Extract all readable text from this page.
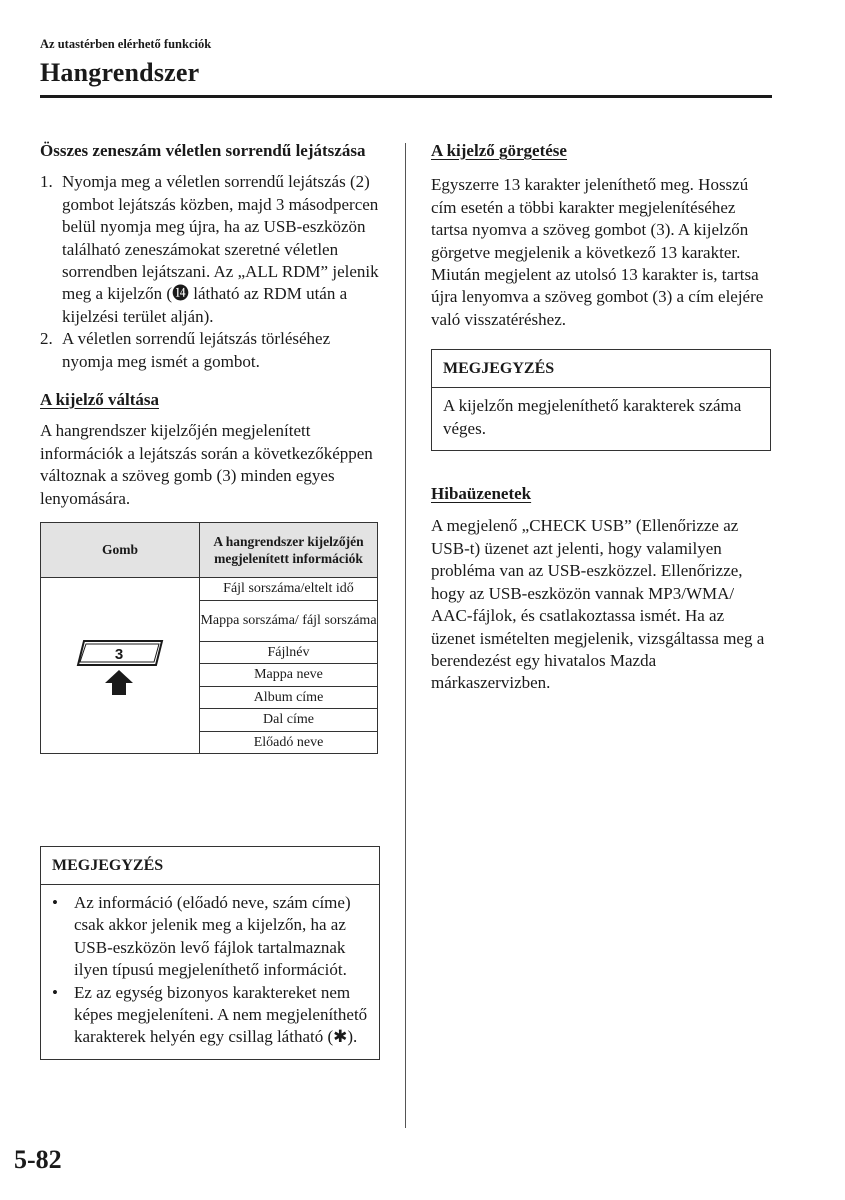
Az utastérben elérhető funkciók
Hangrendszer
Összes zeneszám véletlen sorrendű lejátszása
1. Nyomja meg a véletlen sorrendű lejátszás (2) gombot lejátszás közben, majd 3 másodpercen belül nyomja meg újra, ha az USB-eszközön található zeneszámokat szeretné véletlen sorrendben lejátszani. Az „ALL RDM” jelenik meg a kijelzőn (⓮ látható az RDM után a kijelzési terület alján).
2. A véletlen sorrendű lejátszás törléséhez nyomja meg ismét a gombot.
A kijelző váltása
A hangrendszer kijelzőjén megjelenített információk a lejátszás során a következőképpen változnak a szöveg gomb (3) minden egyes lenyomására.
Gomb	A hangrendszer kijelzőjén megjelenített információk

3	Fájl sorszáma/eltelt idő
	Mappa sorszáma/ fájl sorszáma
	Fájlnév
	Mappa neve
	Album címe
	Dal címe
	Előadó neve
MEGJEGYZÉS
• Az információ (előadó neve, szám címe) csak akkor jelenik meg a kijelzőn, ha az USB-eszközön levő fájlok tartalmaznak ilyen típusú megjeleníthető információt.
• Ez az egység bizonyos karaktereket nem képes megjeleníteni. A nem megjeleníthető karakterek helyén egy csillag látható (✱).
A kijelző görgetése
Egyszerre 13 karakter jeleníthető meg. Hosszú cím esetén a többi karakter megjelenítéséhez tartsa nyomva a szöveg gombot (3). A kijelzőn görgetve megjelenik a következő 13 karakter. Miután megjelent az utolsó 13 karakter is, tartsa újra lenyomva a szöveg gombot (3) a cím elejére való visszatéréshez.
MEGJEGYZÉS
A kijelzőn megjeleníthető karakterek száma véges.
Hibaüzenetek
A megjelenő „CHECK USB” (Ellenőrizze az USB-t) üzenet azt jelenti, hogy valamilyen probléma van az USB-eszközzel. Ellenőrizze, hogy az USB-eszközön vannak MP3/WMA/ AAC-fájlok, és csatlakoztassa ismét. Ha az üzenet ismételten megjelenik, vizsgáltassa meg a berendezést egy hivatalos Mazda márkaszervizben.
5-82
